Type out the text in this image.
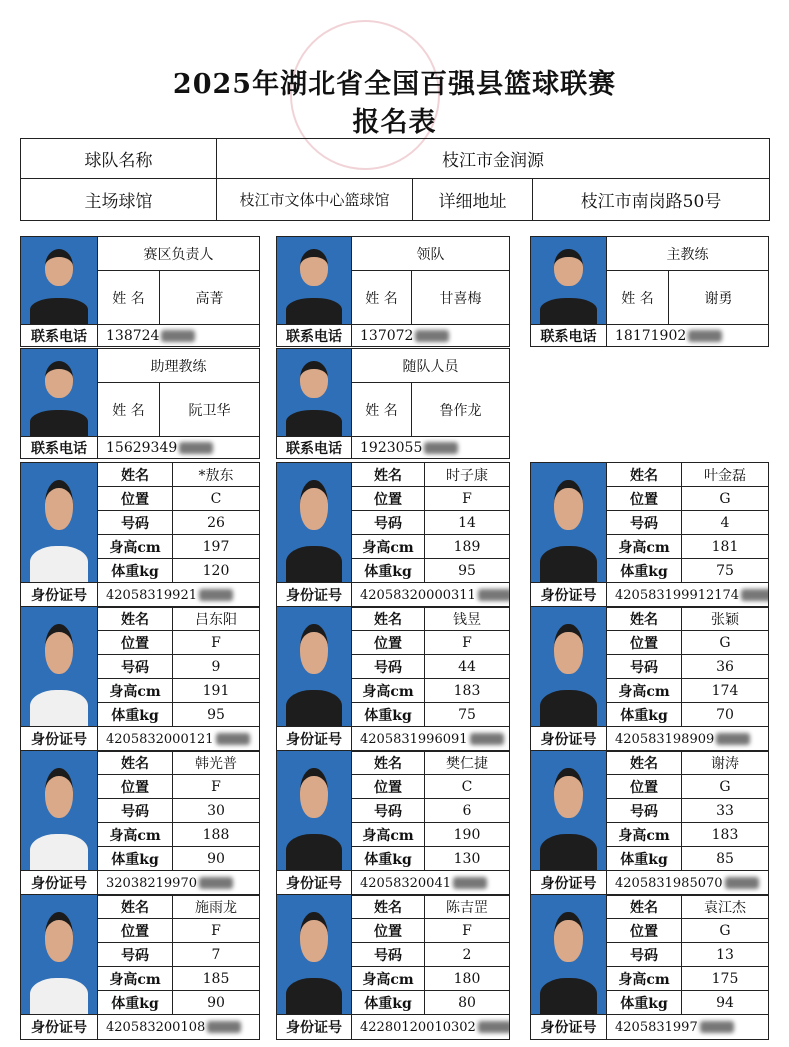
2025年湖北省全国百强县篮球联赛
报名表
球队名称	枝江市金润源		
主场球馆	枝江市文体中心篮球馆	详细地址	枝江市南岗路50号
	赛区负责人	
	姓 名	高菁
联系电话	138724	
	领队	
	姓 名	甘喜梅
联系电话	137072	
	主教练	
	姓 名	谢勇
联系电话	18171902	
	助理教练	
	姓 名	阮卫华
联系电话	15629349	
	随队人员	
	姓 名	鲁作龙
联系电话	1923055	
	姓名	*敖东
	位置	C
	号码	26
	身高cm	197
	体重kg	120
身份证号	42058319921	
	姓名	时子康
	位置	F
	号码	14
	身高cm	189
	体重kg	95
身份证号	42058320000311	
	姓名	叶金磊
	位置	G
	号码	4
	身高cm	181
	体重kg	75
身份证号	420583199912174	
	姓名	吕东阳
	位置	F
	号码	9
	身高cm	191
	体重kg	95
身份证号	4205832000121	
	姓名	钱昱
	位置	F
	号码	44
	身高cm	183
	体重kg	75
身份证号	4205831996091	
	姓名	张颖
	位置	G
	号码	36
	身高cm	174
	体重kg	70
身份证号	420583198909	
	姓名	韩光普
	位置	F
	号码	30
	身高cm	188
	体重kg	90
身份证号	32038219970	
	姓名	樊仁捷
	位置	C
	号码	6
	身高cm	190
	体重kg	130
身份证号	42058320041	
	姓名	谢涛
	位置	G
	号码	33
	身高cm	183
	体重kg	85
身份证号	4205831985070	
	姓名	施雨龙
	位置	F
	号码	7
	身高cm	185
	体重kg	90
身份证号	420583200108	
	姓名	陈吉罡
	位置	F
	号码	2
	身高cm	180
	体重kg	80
身份证号	42280120010302	
	姓名	袁江杰
	位置	G
	号码	13
	身高cm	175
	体重kg	94
身份证号	4205831997	
